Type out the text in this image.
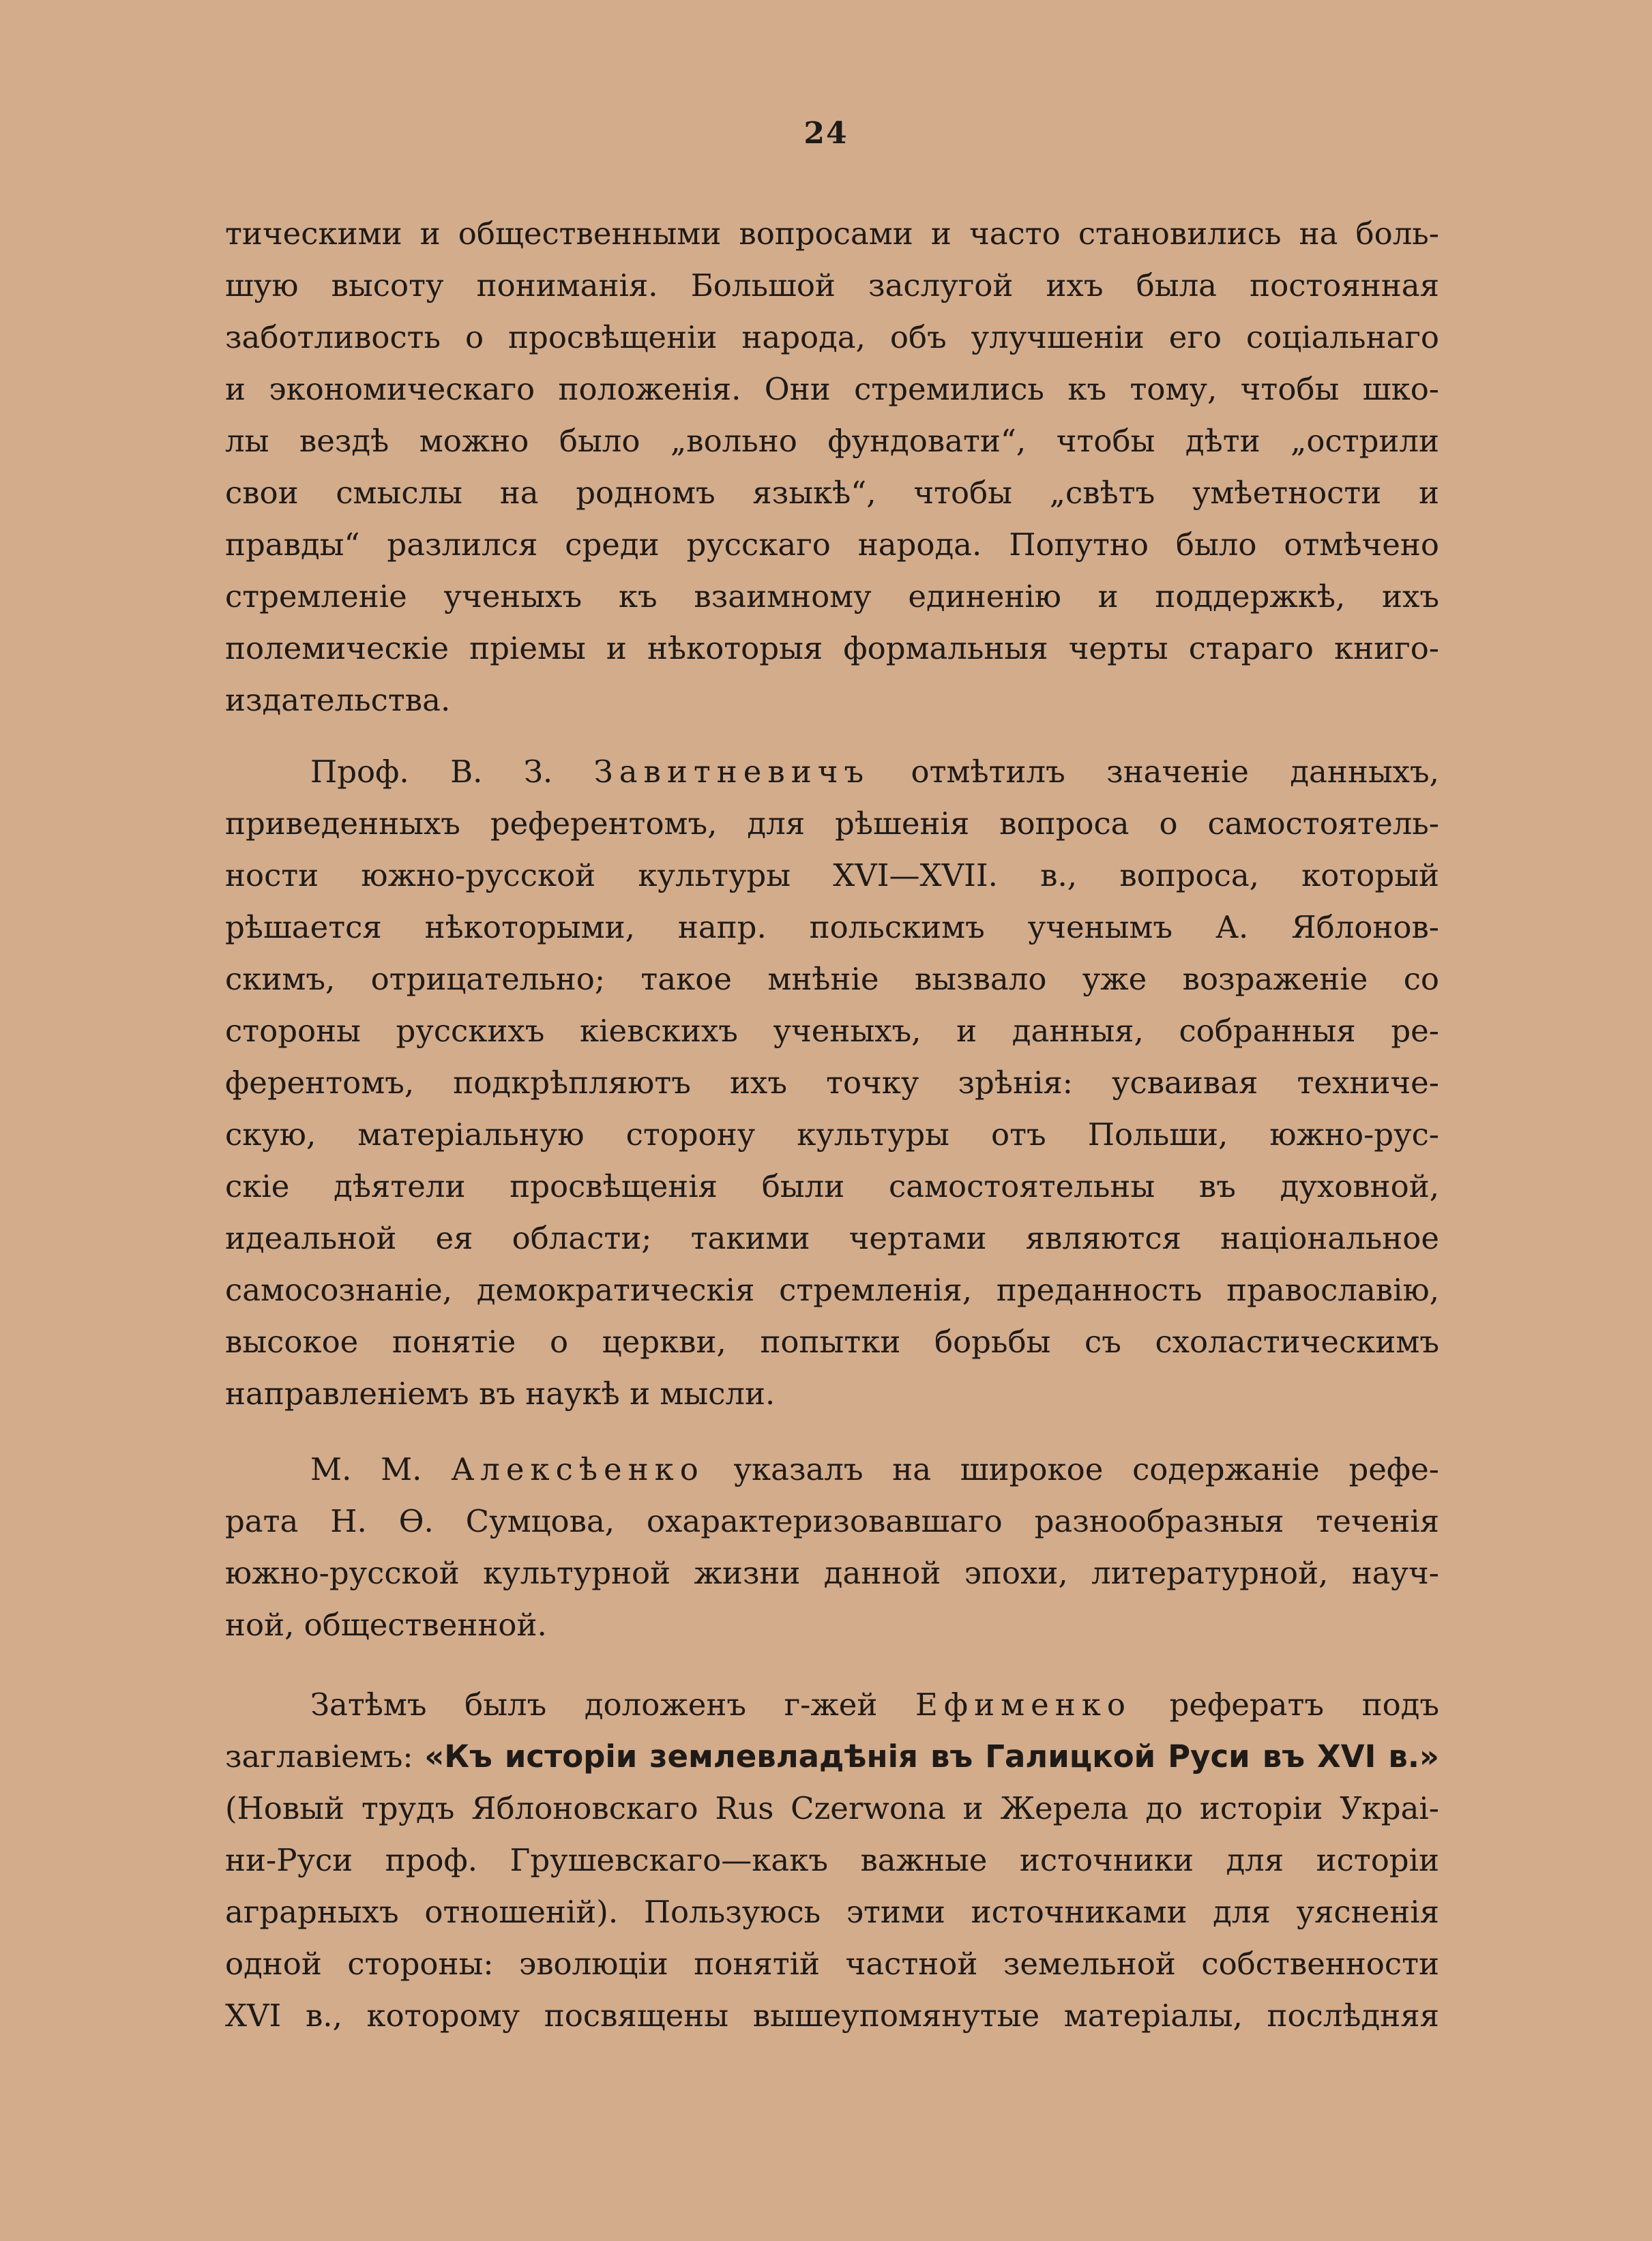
24
тическими и общественными вопросами и часто становились на боль-
шую высоту пониманія. Большой заслугой ихъ была постоянная
заботливость о просвѣщеніи народа, объ улучшеніи его соціальнаго
и экономическаго положенія. Они стремились къ тому, чтобы шко-
лы вездѣ можно было „вольно фундовати“, чтобы дѣти „острили
свои смыслы на родномъ языкѣ“, чтобы „свѣтъ умѣетности и
правды“ разлился среди русскаго народа. Попутно было отмѣчено
стремленіе ученыхъ къ взаимному единенію и поддержкѣ, ихъ
полемическіе пріемы и нѣкоторыя формальныя черты стараго книго-
издательства.
Проф. В. З. Завитневичъ отмѣтилъ значеніе данныхъ,
приведенныхъ референтомъ, для рѣшенія вопроса о самостоятель-
ности южно-русской культуры XVI—XVII. в., вопроса, который
рѣшается нѣкоторыми, напр. польскимъ ученымъ А. Яблонов-
скимъ, отрицательно; такое мнѣніе вызвало уже возраженіе со
стороны русскихъ кіевскихъ ученыхъ, и данныя, собранныя ре-
ферентомъ, подкрѣпляютъ ихъ точку зрѣнія: усваивая техниче-
скую, матеріальную сторону культуры отъ Польши, южно-рус-
скіе дѣятели просвѣщенія были самостоятельны въ духовной,
идеальной ея области; такими чертами являются національное
самосознаніе, демократическія стремленія, преданность православію,
высокое понятіе о церкви, попытки борьбы съ схоластическимъ
направленіемъ въ наукѣ и мысли.
М. М. Алексѣенко указалъ на широкое содержаніе рефе-
рата Н. Ѳ. Сумцова, охарактеризовавшаго разнообразныя теченія
южно-русской культурной жизни данной эпохи, литературной, науч-
ной, общественной.
Затѣмъ былъ доложенъ г-жей Ефименко рефератъ подъ
заглавіемъ: «Къ исторіи землевладѣнія въ Галицкой Руси въ XVI в.»
(Новый трудъ Яблоновскаго Rus Czerwona и Жерела до исторіи Украі-
ни-Руси проф. Грушевскаго—какъ важные источники для исторіи
аграрныхъ отношеній). Пользуюсь этими источниками для уясненія
одной стороны: эволюціи понятій частной земельной собственности
XVI в., которому посвящены вышеупомянутые матеріалы, послѣдняя
